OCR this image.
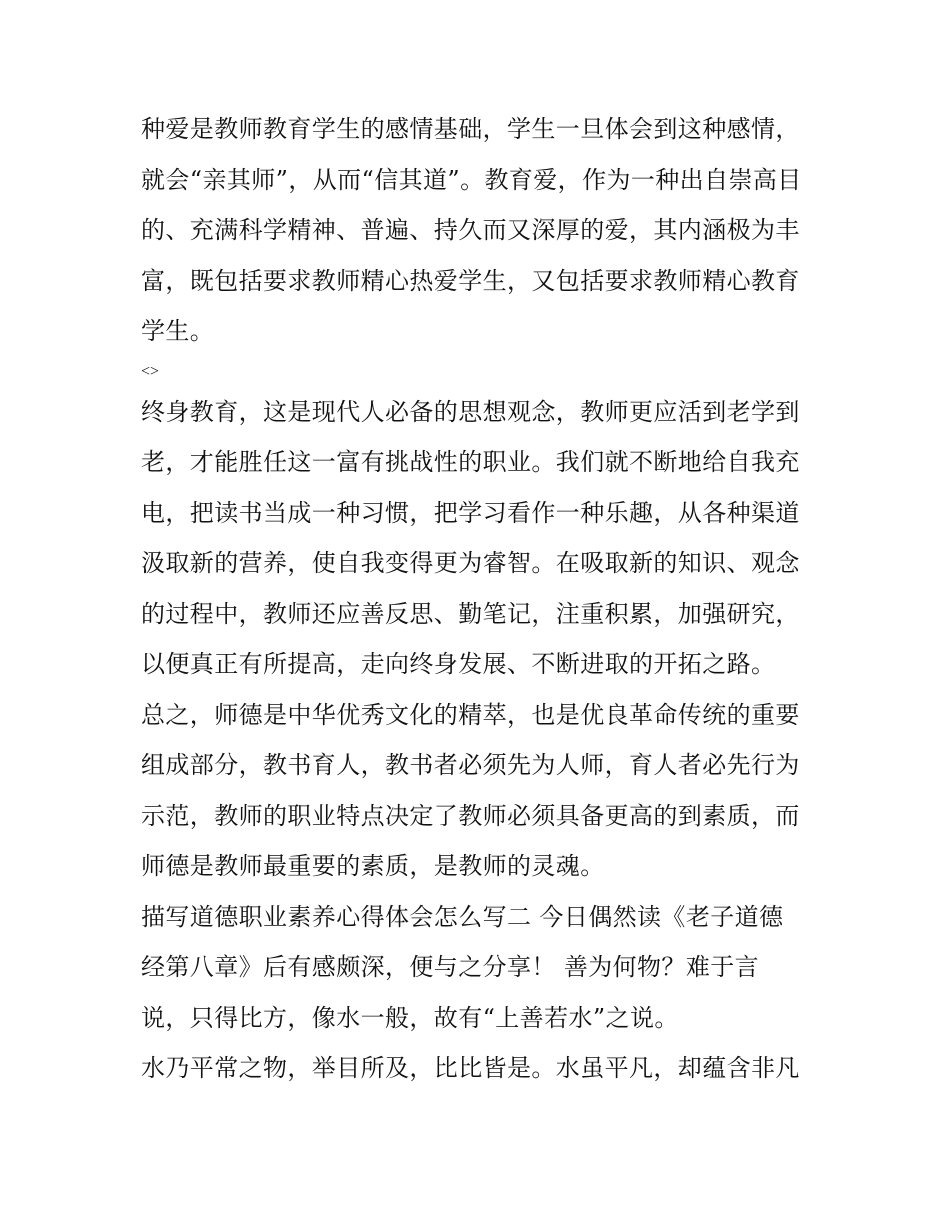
种爱是教师教育学生的感情基础，学生一旦体会到这种感情，
就会“亲其师”，从而“信其道”。教育爱，作为一种出自崇高目
的、充满科学精神、普遍、持久而又深厚的爱，其内涵极为丰
富，既包括要求教师精心热爱学生，又包括要求教师精心教育
学生。
<>
终身教育，这是现代人必备的思想观念，教师更应活到老学到
老，才能胜任这一富有挑战性的职业。我们就不断地给自我充
电，把读书当成一种习惯，把学习看作一种乐趣，从各种渠道
汲取新的营养，使自我变得更为睿智。在吸取新的知识、观念
的过程中，教师还应善反思、勤笔记，注重积累，加强研究，
以便真正有所提高，走向终身发展、不断进取的开拓之路。
总之，师德是中华优秀文化的精萃，也是优良革命传统的重要
组成部分，教书育人，教书者必须先为人师，育人者必先行为
示范，教师的职业特点决定了教师必须具备更高的到素质，而
师德是教师最重要的素质，是教师的灵魂。
描写道德职业素养心得体会怎么写二 今日偶然读《老子道德
经第八章》后有感颇深，便与之分享！ 善为何物？难于言
说，只得比方，像水一般，故有“上善若水”之说。
水乃平常之物，举目所及，比比皆是。水虽平凡，却蕴含非凡
